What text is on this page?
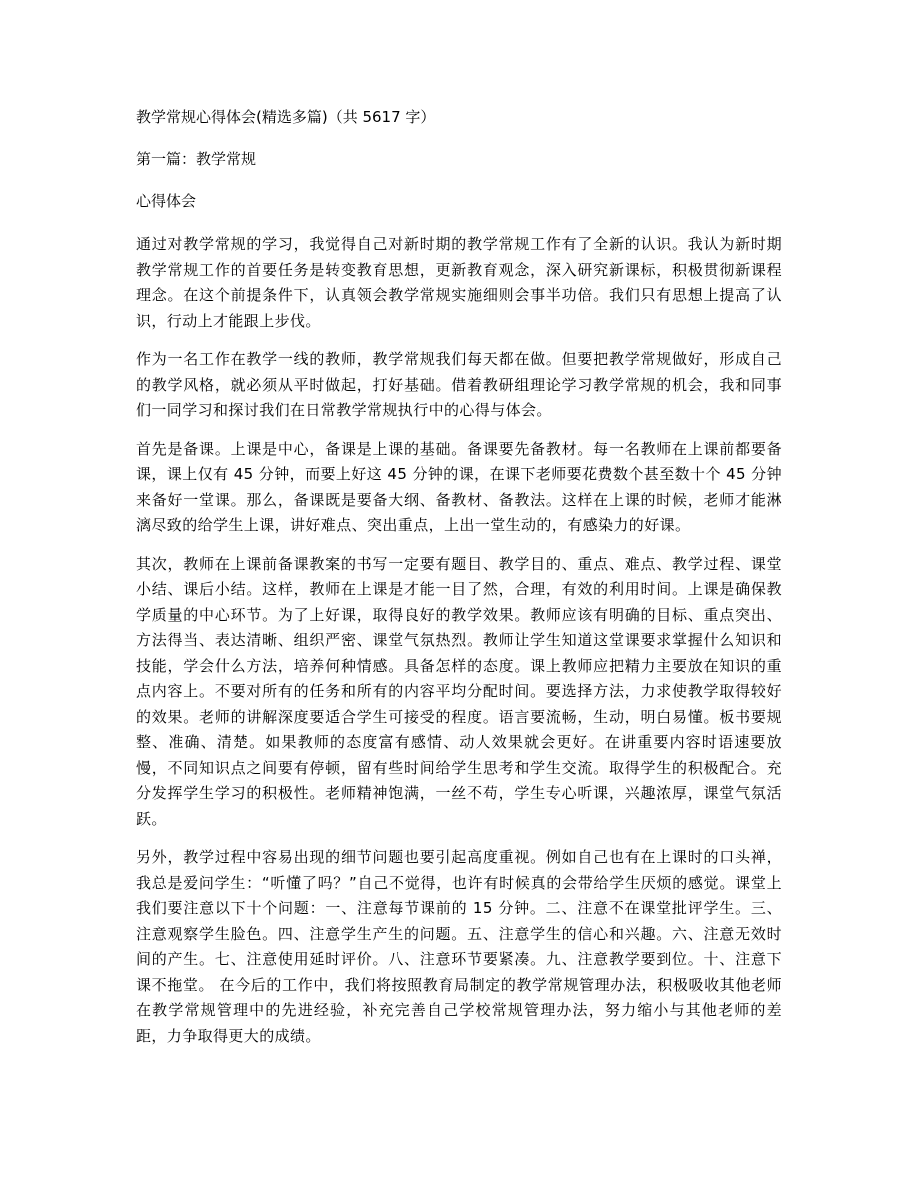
教学常规心得体会(精选多篇)（共 5617 字）
第一篇：教学常规
心得体会

通过对教学常规的学习，我觉得自己对新时期的教学常规工作有了全新的认识。我认为新时期教学常规工作的首要任务是转变教育思想，更新教育观念，深入研究新课标，积极贯彻新课程理念。在这个前提条件下，认真领会教学常规实施细则会事半功倍。我们只有思想上提高了认识，行动上才能跟上步伐。

作为一名工作在教学一线的教师，教学常规我们每天都在做。但要把教学常规做好，形成自己的教学风格，就必须从平时做起，打好基础。借着教研组理论学习教学常规的机会，我和同事们一同学习和探讨我们在日常教学常规执行中的心得与体会。

首先是备课。上课是中心，备课是上课的基础。备课要先备教材。每一名教师在上课前都要备课，课上仅有 45 分钟，而要上好这 45 分钟的课，在课下老师要花费数个甚至数十个 45 分钟来备好一堂课。那么，备课既是要备大纲、备教材、备教法。这样在上课的时候，老师才能淋漓尽致的给学生上课，讲好难点、突出重点，上出一堂生动的，有感染力的好课。

其次，教师在上课前备课教案的书写一定要有题目、教学目的、重点、难点、教学过程、课堂小结、课后小结。这样，教师在上课是才能一目了然，合理，有效的利用时间。上课是确保教学质量的中心环节。为了上好课，取得良好的教学效果。教师应该有明确的目标、重点突出、方法得当、表达清晰、组织严密、课堂气氛热烈。教师让学生知道这堂课要求掌握什么知识和技能，学会什么方法，培养何种情感。具备怎样的态度。课上教师应把精力主要放在知识的重点内容上。不要对所有的任务和所有的内容平均分配时间。要选择方法，力求使教学取得较好的效果。老师的讲解深度要适合学生可接受的程度。语言要流畅，生动，明白易懂。板书要规整、准确、清楚。如果教师的态度富有感情、动人效果就会更好。在讲重要内容时语速要放慢，不同知识点之间要有停顿，留有些时间给学生思考和学生交流。取得学生的积极配合。充分发挥学生学习的积极性。老师精神饱满，一丝不苟，学生专心听课，兴趣浓厚，课堂气氛活跃。

另外，教学过程中容易出现的细节问题也要引起高度重视。例如自己也有在上课时的口头禅，我总是爱问学生：“听懂了吗？”自己不觉得，也许有时候真的会带给学生厌烦的感觉。课堂上我们要注意以下十个问题：一、注意每节课前的 15 分钟。二、注意不在课堂批评学生。三、注意观察学生脸色。四、注意学生产生的问题。五、注意学生的信心和兴趣。六、注意无效时间的产生。七、注意使用延时评价。八、注意环节要紧凑。九、注意教学要到位。十、注意下课不拖堂。 在今后的工作中，我们将按照教育局制定的教学常规管理办法，积极吸收其他老师在教学常规管理中的先进经验，补充完善自己学校常规管理办法，努力缩小与其他老师的差距，力争取得更大的成绩。
